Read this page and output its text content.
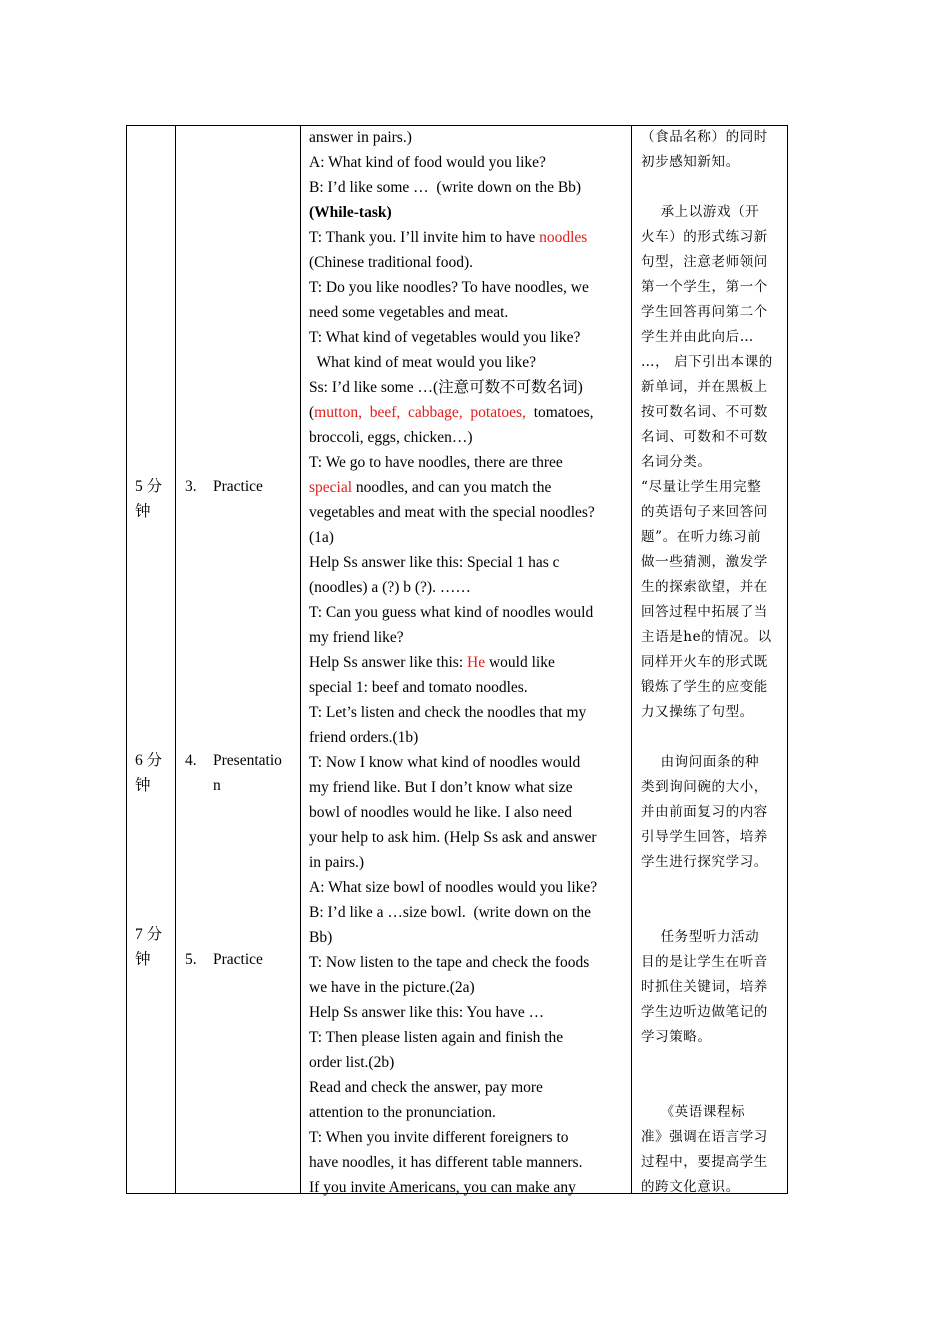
5 分
钟
6 分
钟
7 分
钟
3.
4.
5.
Practice
Presentatio
n
Practice
answer in pairs.)
A: What kind of food would you like?
B: I’d like some …  (write down on the Bb)
(While-task)
T: Thank you. I’ll invite him to have noodles
(Chinese traditional food).
T: Do you like noodles? To have noodles, we
need some vegetables and meat.
T: What kind of vegetables would you like?
What kind of meat would you like?
Ss: I’d like some …(注意可数不可数名词)
(mutton,  beef,  cabbage,  potatoes,  tomatoes,
broccoli, eggs, chicken…)
T: We go to have noodles, there are three
special noodles, and can you match the
vegetables and meat with the special noodles?
(1a)
Help Ss answer like this: Special 1 has c
(noodles) a (?) b (?). ……
T: Can you guess what kind of noodles would
my friend like?
Help Ss answer like this: He would like
special 1: beef and tomato noodles.
T: Let’s listen and check the noodles that my
friend orders.(1b)
T: Now I know what kind of noodles would
my friend like. But I don’t know what size
bowl of noodles would he like. I also need
your help to ask him. (Help Ss ask and answer
in pairs.)
A: What size bowl of noodles would you like?
B: I’d like a …size bowl.  (write down on the
Bb)
T: Now listen to the tape and check the foods
we have in the picture.(2a)
Help Ss answer like this: You have …
T: Then please listen again and finish the
order list.(2b)
Read and check the answer, pay more
attention to the pronunciation.
T: When you invite different foreigners to
have noodles, it has different table manners.
If you invite Americans, you can make any
（食品名称）的同时
初步感知新知。
承上以游戏（开
火车）的形式练习新
句型，注意老师领问
第一个学生，第一个
学生回答再问第二个
学生并由此向后…
…， 启下引出本课的
新单词，并在黑板上
按可数名词、不可数
名词、可数和不可数
名词分类。
“尽量让学生用完整
的英语句子来回答问
题”。在听力练习前
做一些猜测，激发学
生的探索欲望，并在
回答过程中拓展了当
主语是he的情况。以
同样开火车的形式既
锻炼了学生的应变能
力又操练了句型。
由询问面条的种
类到询问碗的大小，
并由前面复习的内容
引导学生回答，培养
学生进行探究学习。
任务型听力活动
目的是让学生在听音
时抓住关键词，培养
学生边听边做笔记的
学习策略。
《英语课程标
准》强调在语言学习
过程中，要提高学生
的跨文化意识。
